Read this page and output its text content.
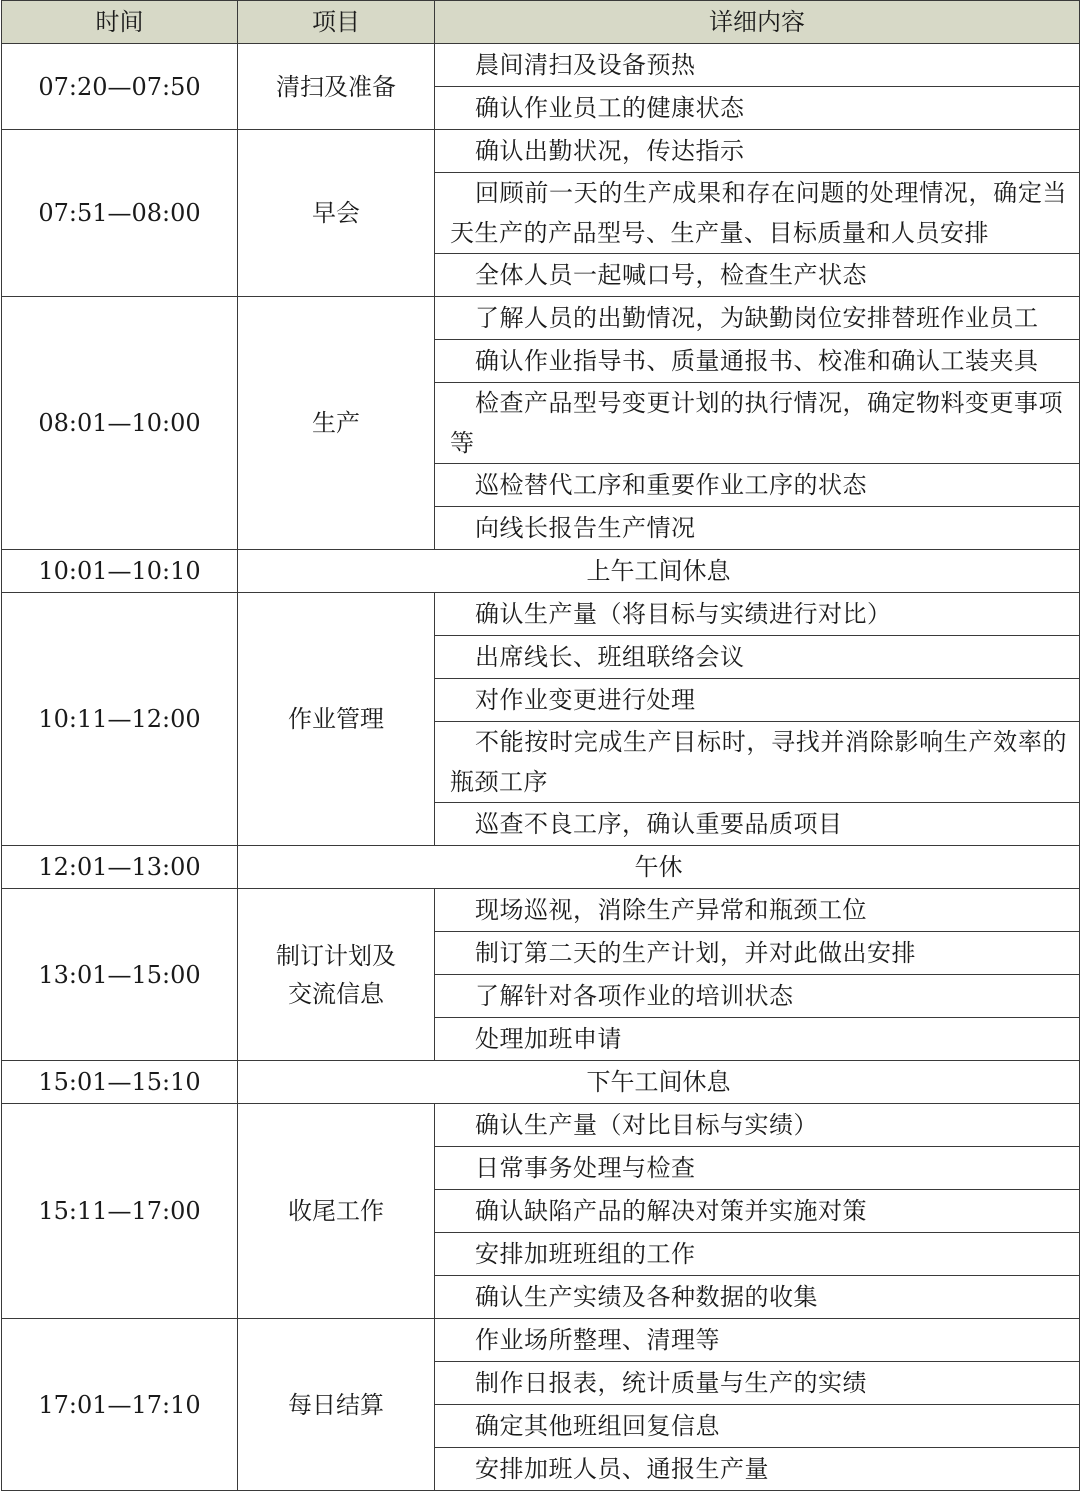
时间	项目	详细内容
07:20—07:50	清扫及准备	晨间清扫及设备预热
		确认作业员工的健康状态
07:51—08:00	早会	确认出勤状况，传达指示
		回顾前一天的生产成果和存在问题的处理情况，确定当天生产的产品型号、生产量、目标质量和人员安排
		全体人员一起喊口号，检查生产状态
08:01—10:00	生产	了解人员的出勤情况，为缺勤岗位安排替班作业员工
		确认作业指导书、质量通报书、校准和确认工装夹具
		检查产品型号变更计划的执行情况，确定物料变更事项等
		巡检替代工序和重要作业工序的状态
		向线长报告生产情况
10:01—10:10	上午工间休息	
10:11—12:00	作业管理	确认生产量（将目标与实绩进行对比）
		出席线长、班组联络会议
		对作业变更进行处理
		不能按时完成生产目标时，寻找并消除影响生产效率的瓶颈工序
		巡查不良工序，确认重要品质项目
12:01—13:00	午休	
13:01—15:00	制订计划及交流信息	现场巡视，消除生产异常和瓶颈工位
		制订第二天的生产计划，并对此做出安排
		了解针对各项作业的培训状态
		处理加班申请
15:01—15:10	下午工间休息	
15:11—17:00	收尾工作	确认生产量（对比目标与实绩）
		日常事务处理与检查
		确认缺陷产品的解决对策并实施对策
		安排加班班组的工作
		确认生产实绩及各种数据的收集
17:01—17:10	每日结算	作业场所整理、清理等
		制作日报表，统计质量与生产的实绩
		确定其他班组回复信息
		安排加班人员、通报生产量
